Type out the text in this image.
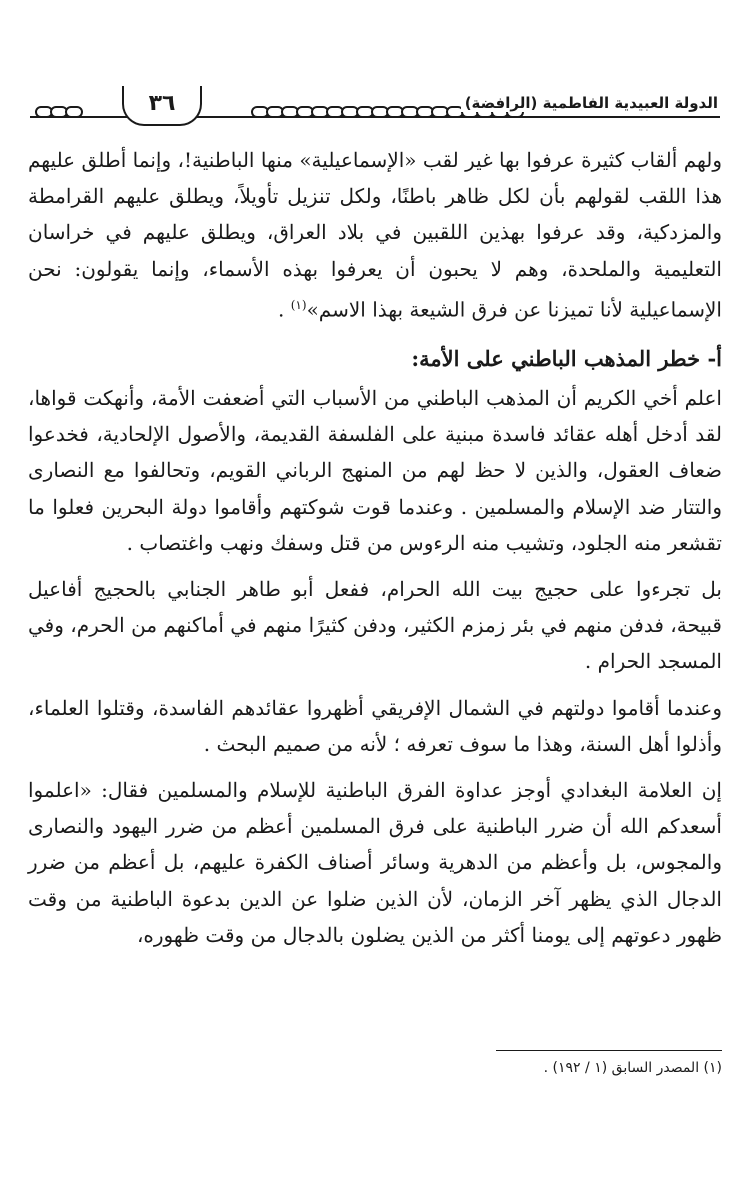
٣٦	الدولة العبيدية الفاطمية (الرافضة)

ولهم ألقاب كثيرة عرفوا بها غير لقب «الإسماعيلية» منها الباطنية!، وإنما أطلق عليهم هذا اللقب لقولهم بأن لكل ظاهر باطنًا، ولكل تنزيل تأويلاً، ويطلق عليهم القرامطة والمزدكية، وقد عرفوا بهذين اللقبين في بلاد العراق، ويطلق عليهم في خراسان التعليمية والملحدة، وهم لا يحبون أن يعرفوا بهذه الأسماء، وإنما يقولون: نحن الإسماعيلية لأنا تميزنا عن فرق الشيعة بهذا الاسم»$^{(١)}$ .

أ- خطر المذهب الباطني على الأمة:

اعلم أخي الكريم أن المذهب الباطني من الأسباب التي أضعفت الأمة، وأنهكت قواها، لقد أدخل أهله عقائد فاسدة مبنية على الفلسفة القديمة، والأصول الإلحادية، فخدعوا ضعاف العقول، والذين لا حظ لهم من المنهج الرباني القويم، وتحالفوا مع النصارى والتتار ضد الإسلام والمسلمين . وعندما قوت شوكتهم وأقاموا دولة البحرين فعلوا ما تقشعر منه الجلود، وتشيب منه الرءوس من قتل وسفك ونهب واغتصاب .

بل تجرءوا على حجيج بيت الله الحرام، ففعل أبو طاهر الجنابي بالحجيج أفاعيل قبيحة، فدفن منهم في بئر زمزم الكثير، ودفن كثيرًا منهم في أماكنهم من الحرم، وفي المسجد الحرام .

وعندما أقاموا دولتهم في الشمال الإفريقي أظهروا عقائدهم الفاسدة، وقتلوا العلماء، وأذلوا أهل السنة، وهذا ما سوف تعرفه ؛ لأنه من صميم البحث .

إن العلامة البغدادي أوجز عداوة الفرق الباطنية للإسلام والمسلمين فقال: «اعلموا أسعدكم الله أن ضرر الباطنية على فرق المسلمين أعظم من ضرر اليهود والنصارى والمجوس، بل وأعظم من الدهرية وسائر أصناف الكفرة عليهم، بل أعظم من ضرر الدجال الذي يظهر آخر الزمان، لأن الذين ضلوا عن الدين بدعوة الباطنية من وقت ظهور دعوتهم إلى يومنا أكثر من الذين يضلون بالدجال من وقت ظهوره،

(١) المصدر السابق (١ / ١٩٢) .
